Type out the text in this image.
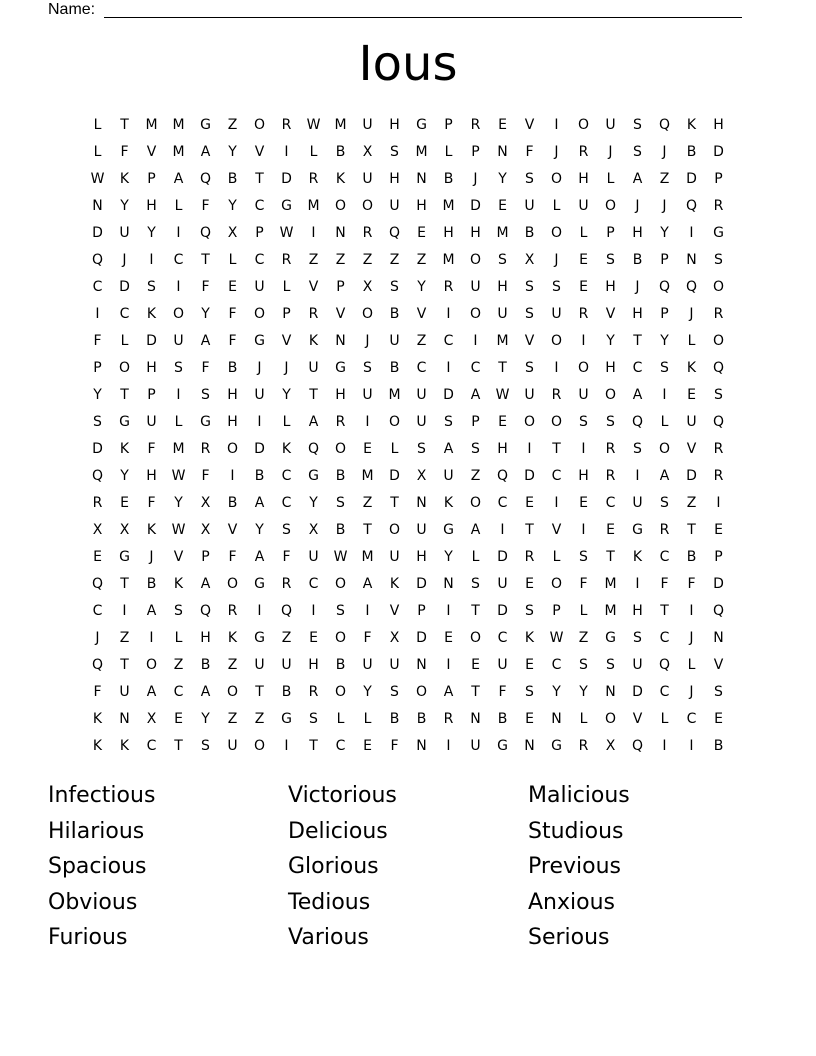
Name:
Ious
L	T	M	M	G	Z	O	R	W	M	U	H	G	P	R	E	V	I	O	U	S	Q	K	H
L	F	V	M	A	Y	V	I	L	B	X	S	M	L	P	N	F	J	R	J	S	J	B	D
W	K	P	A	Q	B	T	D	R	K	U	H	N	B	J	Y	S	O	H	L	A	Z	D	P
N	Y	H	L	F	Y	C	G	M	O	O	U	H	M	D	E	U	L	U	O	J	J	Q	R
D	U	Y	I	Q	X	P	W	I	N	R	Q	E	H	H	M	B	O	L	P	H	Y	I	G
Q	J	I	C	T	L	C	R	Z	Z	Z	Z	Z	M	O	S	X	J	E	S	B	P	N	S
C	D	S	I	F	E	U	L	V	P	X	S	Y	R	U	H	S	S	E	H	J	Q	Q	O
I	C	K	O	Y	F	O	P	R	V	O	B	V	I	O	U	S	U	R	V	H	P	J	R
F	L	D	U	A	F	G	V	K	N	J	U	Z	C	I	M	V	O	I	Y	T	Y	L	O
P	O	H	S	F	B	J	J	U	G	S	B	C	I	C	T	S	I	O	H	C	S	K	Q
Y	T	P	I	S	H	U	Y	T	H	U	M	U	D	A	W	U	R	U	O	A	I	E	S
S	G	U	L	G	H	I	L	A	R	I	O	U	S	P	E	O	O	S	S	Q	L	U	Q
D	K	F	M	R	O	D	K	Q	O	E	L	S	A	S	H	I	T	I	R	S	O	V	R
Q	Y	H	W	F	I	B	C	G	B	M	D	X	U	Z	Q	D	C	H	R	I	A	D	R
R	E	F	Y	X	B	A	C	Y	S	Z	T	N	K	O	C	E	I	E	C	U	S	Z	I
X	X	K	W	X	V	Y	S	X	B	T	O	U	G	A	I	T	V	I	E	G	R	T	E
E	G	J	V	P	F	A	F	U	W	M	U	H	Y	L	D	R	L	S	T	K	C	B	P
Q	T	B	K	A	O	G	R	C	O	A	K	D	N	S	U	E	O	F	M	I	F	F	D
C	I	A	S	Q	R	I	Q	I	S	I	V	P	I	T	D	S	P	L	M	H	T	I	Q
J	Z	I	L	H	K	G	Z	E	O	F	X	D	E	O	C	K	W	Z	G	S	C	J	N
Q	T	O	Z	B	Z	U	U	H	B	U	U	N	I	E	U	E	C	S	S	U	Q	L	V
F	U	A	C	A	O	T	B	R	O	Y	S	O	A	T	F	S	Y	Y	N	D	C	J	S
K	N	X	E	Y	Z	Z	G	S	L	L	B	B	R	N	B	E	N	L	O	V	L	C	E
K	K	C	T	S	U	O	I	T	C	E	F	N	I	U	G	N	G	R	X	Q	I	I	B
Infectious	Victorious	Malicious
Hilarious	Delicious	Studious
Spacious	Glorious	Previous
Obvious	Tedious	Anxious
Furious	Various	Serious
